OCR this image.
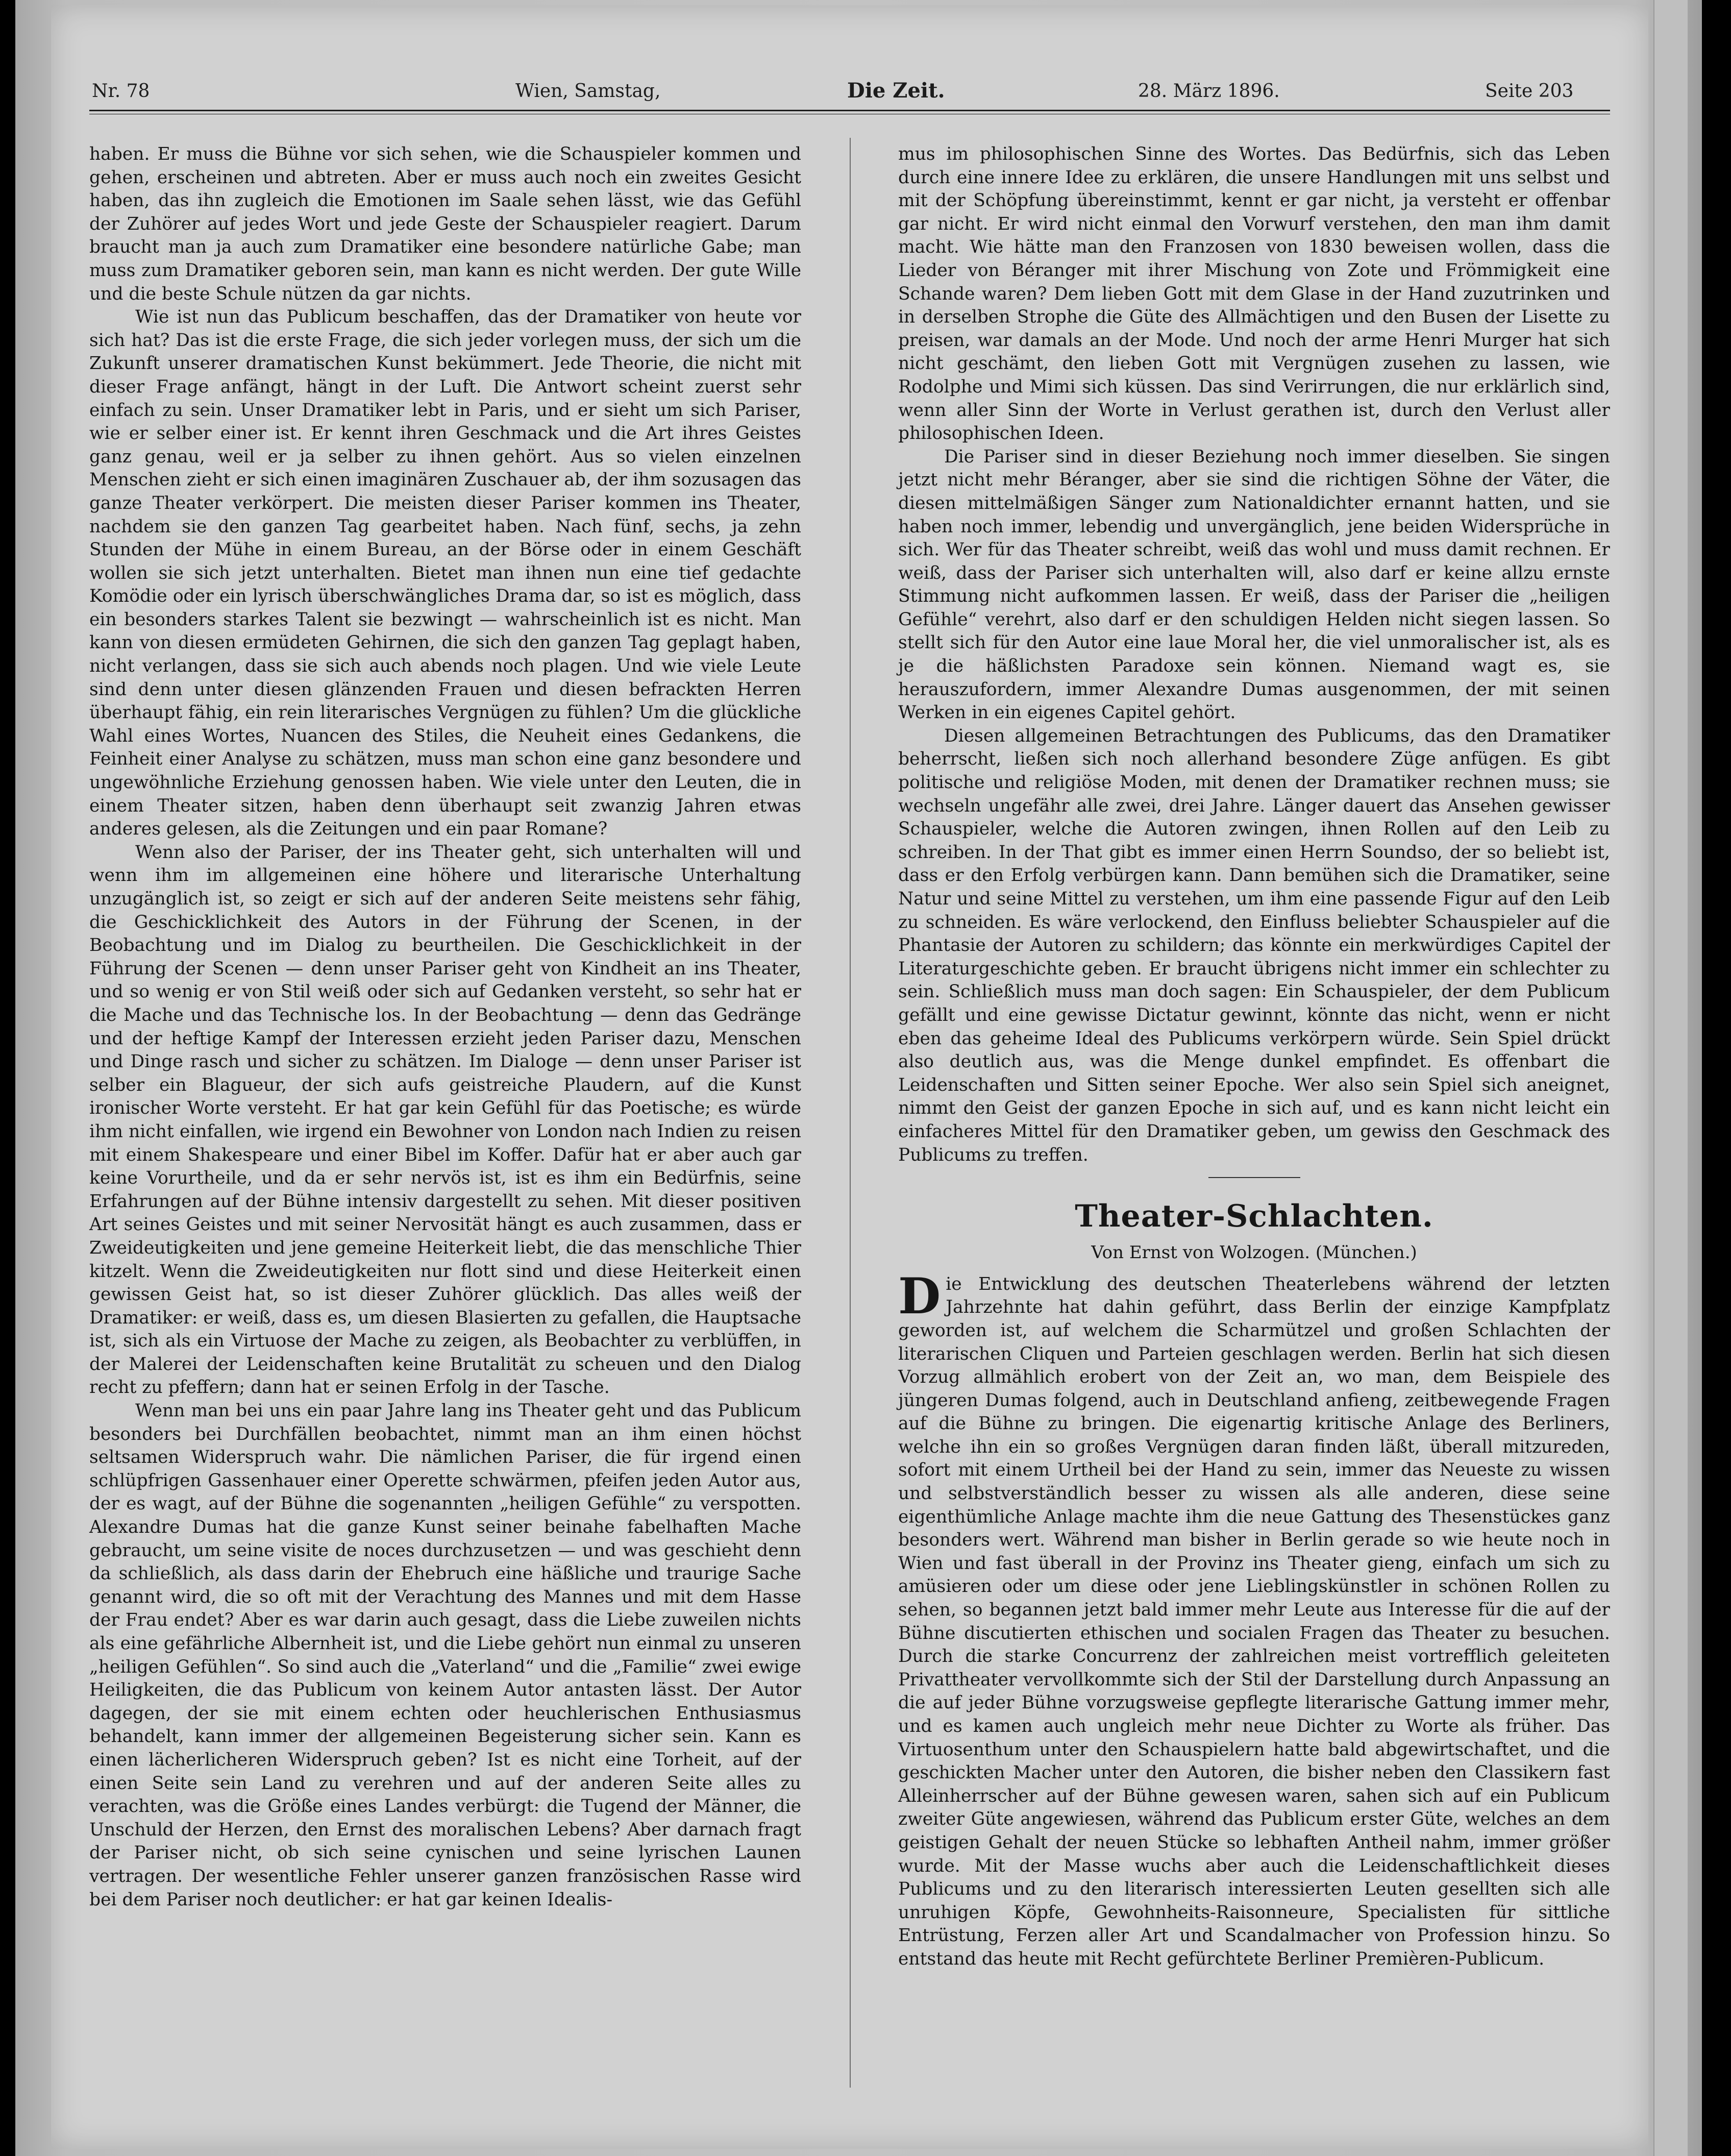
Nr. 78	Wien, Samstag,	Die Zeit.	28. März 1896.	Seite 203

haben. Er muss die Bühne vor sich sehen, wie die Schauspieler kommen und gehen, erscheinen und abtreten. Aber er muss auch noch ein zweites Gesicht haben, das ihn zugleich die Emotionen im Saale sehen lässt, wie das Gefühl der Zuhörer auf jedes Wort und jede Geste der Schauspieler reagiert. Darum braucht man ja auch zum Dramatiker eine besondere natürliche Gabe; man muss zum Dramatiker geboren sein, man kann es nicht werden. Der gute Wille und die beste Schule nützen da gar nichts.

Wie ist nun das Publicum beschaffen, das der Dramatiker von heute vor sich hat? Das ist die erste Frage, die sich jeder vorlegen muss, der sich um die Zukunft unserer dramatischen Kunst bekümmert. Jede Theorie, die nicht mit dieser Frage anfängt, hängt in der Luft. Die Antwort scheint zuerst sehr einfach zu sein. Unser Dramatiker lebt in Paris, und er sieht um sich Pariser, wie er selber einer ist. Er kennt ihren Geschmack und die Art ihres Geistes ganz genau, weil er ja selber zu ihnen gehört. Aus so vielen einzelnen Menschen zieht er sich einen imaginären Zuschauer ab, der ihm sozusagen das ganze Theater verkörpert. Die meisten dieser Pariser kommen ins Theater, nachdem sie den ganzen Tag gearbeitet haben. Nach fünf, sechs, ja zehn Stunden der Mühe in einem Bureau, an der Börse oder in einem Geschäft wollen sie sich jetzt unterhalten. Bietet man ihnen nun eine tief gedachte Komödie oder ein lyrisch überschwängliches Drama dar, so ist es möglich, dass ein besonders starkes Talent sie bezwingt — wahrscheinlich ist es nicht. Man kann von diesen ermüdeten Gehirnen, die sich den ganzen Tag geplagt haben, nicht verlangen, dass sie sich auch abends noch plagen. Und wie viele Leute sind denn unter diesen glänzenden Frauen und diesen befrackten Herren überhaupt fähig, ein rein literarisches Vergnügen zu fühlen? Um die glückliche Wahl eines Wortes, Nuancen des Stiles, die Neuheit eines Gedankens, die Feinheit einer Analyse zu schätzen, muss man schon eine ganz besondere und ungewöhnliche Erziehung genossen haben. Wie viele unter den Leuten, die in einem Theater sitzen, haben denn überhaupt seit zwanzig Jahren etwas anderes gelesen, als die Zeitungen und ein paar Romane?

Wenn also der Pariser, der ins Theater geht, sich unterhalten will und wenn ihm im allgemeinen eine höhere und literarische Unterhaltung unzugänglich ist, so zeigt er sich auf der anderen Seite meistens sehr fähig, die Geschicklichkeit des Autors in der Führung der Scenen, in der Beobachtung und im Dialog zu beurtheilen. Die Geschicklichkeit in der Führung der Scenen — denn unser Pariser geht von Kindheit an ins Theater, und so wenig er von Stil weiß oder sich auf Gedanken versteht, so sehr hat er die Mache und das Technische los. In der Beobachtung — denn das Gedränge und der heftige Kampf der Interessen erzieht jeden Pariser dazu, Menschen und Dinge rasch und sicher zu schätzen. Im Dialoge — denn unser Pariser ist selber ein Blagueur, der sich aufs geistreiche Plaudern, auf die Kunst ironischer Worte versteht. Er hat gar kein Gefühl für das Poetische; es würde ihm nicht einfallen, wie irgend ein Bewohner von London nach Indien zu reisen mit einem Shakespeare und einer Bibel im Koffer. Dafür hat er aber auch gar keine Vorurtheile, und da er sehr nervös ist, ist es ihm ein Bedürfnis, seine Erfahrungen auf der Bühne intensiv dargestellt zu sehen. Mit dieser positiven Art seines Geistes und mit seiner Nervosität hängt es auch zusammen, dass er Zweideutigkeiten und jene gemeine Heiterkeit liebt, die das menschliche Thier kitzelt. Wenn die Zweideutigkeiten nur flott sind und diese Heiterkeit einen gewissen Geist hat, so ist dieser Zuhörer glücklich. Das alles weiß der Dramatiker: er weiß, dass es, um diesen Blasierten zu gefallen, die Hauptsache ist, sich als ein Virtuose der Mache zu zeigen, als Beobachter zu verblüffen, in der Malerei der Leidenschaften keine Brutalität zu scheuen und den Dialog recht zu pfeffern; dann hat er seinen Erfolg in der Tasche.

Wenn man bei uns ein paar Jahre lang ins Theater geht und das Publicum besonders bei Durchfällen beobachtet, nimmt man an ihm einen höchst seltsamen Widerspruch wahr. Die nämlichen Pariser, die für irgend einen schlüpfrigen Gassenhauer einer Operette schwärmen, pfeifen jeden Autor aus, der es wagt, auf der Bühne die sogenannten „heiligen Gefühle“ zu verspotten. Alexandre Dumas hat die ganze Kunst seiner beinahe fabelhaften Mache gebraucht, um seine visite de noces durchzusetzen — und was geschieht denn da schließlich, als dass darin der Ehebruch eine häßliche und traurige Sache genannt wird, die so oft mit der Verachtung des Mannes und mit dem Hasse der Frau endet? Aber es war darin auch gesagt, dass die Liebe zuweilen nichts als eine gefährliche Albernheit ist, und die Liebe gehört nun einmal zu unseren „heiligen Gefühlen“. So sind auch die „Vaterland“ und die „Familie“ zwei ewige Heiligkeiten, die das Publicum von keinem Autor antasten lässt. Der Autor dagegen, der sie mit einem echten oder heuchlerischen Enthusiasmus behandelt, kann immer der allgemeinen Begeisterung sicher sein. Kann es einen lächerlicheren Widerspruch geben? Ist es nicht eine Torheit, auf der einen Seite sein Land zu verehren und auf der anderen Seite alles zu verachten, was die Größe eines Landes verbürgt: die Tugend der Männer, die Unschuld der Herzen, den Ernst des moralischen Lebens? Aber darnach fragt der Pariser nicht, ob sich seine cynischen und seine lyrischen Launen vertragen. Der wesentliche Fehler unserer ganzen französischen Rasse wird bei dem Pariser noch deutlicher: er hat gar keinen Idealis-

mus im philosophischen Sinne des Wortes. Das Bedürfnis, sich das Leben durch eine innere Idee zu erklären, die unsere Handlungen mit uns selbst und mit der Schöpfung übereinstimmt, kennt er gar nicht, ja versteht er offenbar gar nicht. Er wird nicht einmal den Vorwurf verstehen, den man ihm damit macht. Wie hätte man den Franzosen von 1830 beweisen wollen, dass die Lieder von Béranger mit ihrer Mischung von Zote und Frömmigkeit eine Schande waren? Dem lieben Gott mit dem Glase in der Hand zuzutrinken und in derselben Strophe die Güte des Allmächtigen und den Busen der Lisette zu preisen, war damals an der Mode. Und noch der arme Henri Murger hat sich nicht geschämt, den lieben Gott mit Vergnügen zusehen zu lassen, wie Rodolphe und Mimi sich küssen. Das sind Verirrungen, die nur erklärlich sind, wenn aller Sinn der Worte in Verlust gerathen ist, durch den Verlust aller philosophischen Ideen.

Die Pariser sind in dieser Beziehung noch immer dieselben. Sie singen jetzt nicht mehr Béranger, aber sie sind die richtigen Söhne der Väter, die diesen mittelmäßigen Sänger zum Nationaldichter ernannt hatten, und sie haben noch immer, lebendig und unvergänglich, jene beiden Widersprüche in sich. Wer für das Theater schreibt, weiß das wohl und muss damit rechnen. Er weiß, dass der Pariser sich unterhalten will, also darf er keine allzu ernste Stimmung nicht aufkommen lassen. Er weiß, dass der Pariser die „heiligen Gefühle“ verehrt, also darf er den schuldigen Helden nicht siegen lassen. So stellt sich für den Autor eine laue Moral her, die viel unmoralischer ist, als es je die häßlichsten Paradoxe sein können. Niemand wagt es, sie herauszufordern, immer Alexandre Dumas ausgenommen, der mit seinen Werken in ein eigenes Capitel gehört.

Diesen allgemeinen Betrachtungen des Publicums, das den Dramatiker beherrscht, ließen sich noch allerhand besondere Züge anfügen. Es gibt politische und religiöse Moden, mit denen der Dramatiker rechnen muss; sie wechseln ungefähr alle zwei, drei Jahre. Länger dauert das Ansehen gewisser Schauspieler, welche die Autoren zwingen, ihnen Rollen auf den Leib zu schreiben. In der That gibt es immer einen Herrn Soundso, der so beliebt ist, dass er den Erfolg verbürgen kann. Dann bemühen sich die Dramatiker, seine Natur und seine Mittel zu verstehen, um ihm eine passende Figur auf den Leib zu schneiden. Es wäre verlockend, den Einfluss beliebter Schauspieler auf die Phantasie der Autoren zu schildern; das könnte ein merkwürdiges Capitel der Literaturgeschichte geben. Er braucht übrigens nicht immer ein schlechter zu sein. Schließlich muss man doch sagen: Ein Schauspieler, der dem Publicum gefällt und eine gewisse Dictatur gewinnt, könnte das nicht, wenn er nicht eben das geheime Ideal des Publicums verkörpern würde. Sein Spiel drückt also deutlich aus, was die Menge dunkel empfindet. Es offenbart die Leidenschaften und Sitten seiner Epoche. Wer also sein Spiel sich aneignet, nimmt den Geist der ganzen Epoche in sich auf, und es kann nicht leicht ein einfacheres Mittel für den Dramatiker geben, um gewiss den Geschmack des Publicums zu treffen.

Theater-Schlachten.
Von Ernst von Wolzogen. (München.)

Die Entwicklung des deutschen Theaterlebens während der letzten Jahrzehnte hat dahin geführt, dass Berlin der einzige Kampfplatz geworden ist, auf welchem die Scharmützel und großen Schlachten der literarischen Cliquen und Parteien geschlagen werden. Berlin hat sich diesen Vorzug allmählich erobert von der Zeit an, wo man, dem Beispiele des jüngeren Dumas folgend, auch in Deutschland anfieng, zeitbewegende Fragen auf die Bühne zu bringen. Die eigenartig kritische Anlage des Berliners, welche ihn ein so großes Vergnügen daran finden läßt, überall mitzureden, sofort mit einem Urtheil bei der Hand zu sein, immer das Neueste zu wissen und selbstverständlich besser zu wissen als alle anderen, diese seine eigenthümliche Anlage machte ihm die neue Gattung des Thesenstückes ganz besonders wert. Während man bisher in Berlin gerade so wie heute noch in Wien und fast überall in der Provinz ins Theater gieng, einfach um sich zu amüsieren oder um diese oder jene Lieblingskünstler in schönen Rollen zu sehen, so begannen jetzt bald immer mehr Leute aus Interesse für die auf der Bühne discutierten ethischen und socialen Fragen das Theater zu besuchen. Durch die starke Concurrenz der zahlreichen meist vortrefflich geleiteten Privattheater vervollkommte sich der Stil der Darstellung durch Anpassung an die auf jeder Bühne vorzugsweise gepflegte literarische Gattung immer mehr, und es kamen auch ungleich mehr neue Dichter zu Worte als früher. Das Virtuosenthum unter den Schauspielern hatte bald abgewirtschaftet, und die geschickten Macher unter den Autoren, die bisher neben den Classikern fast Alleinherrscher auf der Bühne gewesen waren, sahen sich auf ein Publicum zweiter Güte angewiesen, während das Publicum erster Güte, welches an dem geistigen Gehalt der neuen Stücke so lebhaften Antheil nahm, immer größer wurde. Mit der Masse wuchs aber auch die Leidenschaftlichkeit dieses Publicums und zu den literarisch interessierten Leuten gesellten sich alle unruhigen Köpfe, Gewohnheits-Raisonneure, Specialisten für sittliche Entrüstung, Ferzen aller Art und Scandalmacher von Profession hinzu. So entstand das heute mit Recht gefürchtete Berliner Premièren-Publicum.
